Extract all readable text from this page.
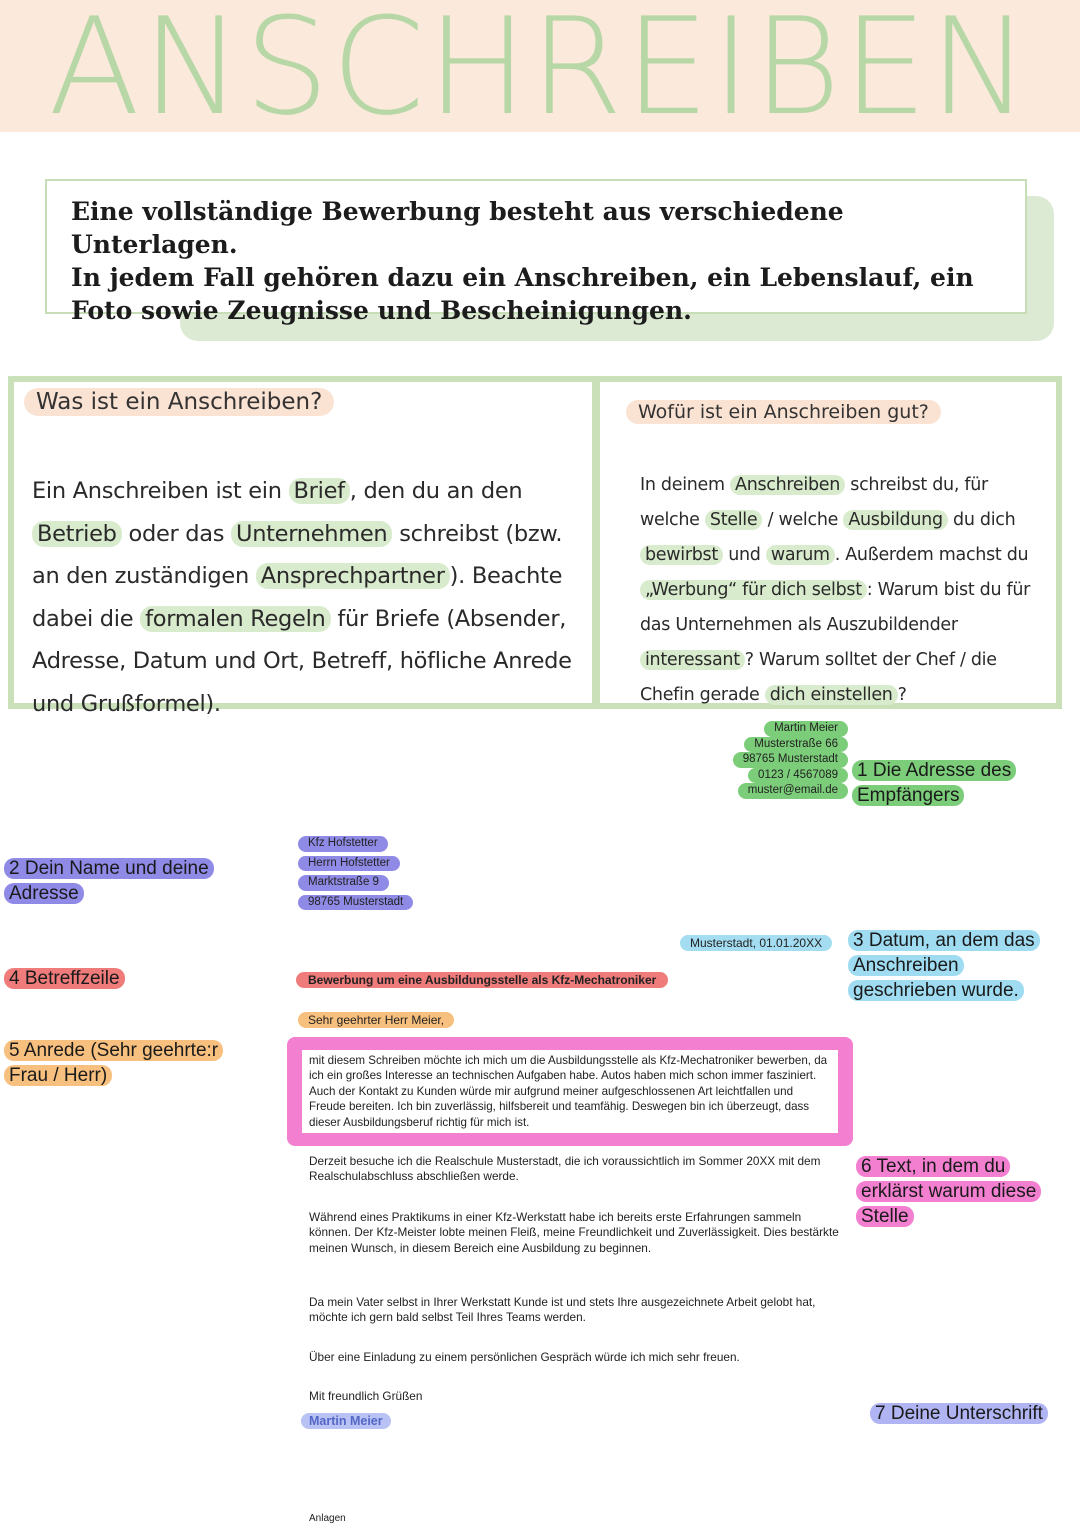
ANSCHREIBEN
Eine vollständige Bewerbung besteht aus verschiedene Unterlagen.
In jedem Fall gehören dazu ein Anschreiben, ein Lebenslauf, ein
Foto sowie Zeugnisse und Bescheinigungen.
Was ist ein Anschreiben?	Wofür ist ein Anschreiben gut?
Ein Anschreiben ist ein Brief , den du an den Betrieb oder das Unternehmen schreibst (bzw. an den zuständigen Ansprechpartner ). Beachte dabei die formalen Regeln für Briefe (Absender, Adresse, Datum und Ort, Betreff, höfliche Anrede und Grußformel).
In deinem Anschreiben schreibst du, für welche Stelle / welche Ausbildung du dich bewirbst und warum . Außerdem machst du „Werbung“ für dich selbst : Warum bist du für das Unternehmen als Auszubildender interessant ? Warum solltet der Chef / die Chefin gerade dich einstellen ?
Martin Meier
Musterstraße 66
98765 Musterstadt
0123 / 4567089
muster@email.de
1 Die Adresse des
Empfängers
2 Dein Name und deine
Adresse
Kfz Hofstetter
Herrn Hofstetter
Marktstraße 9
98765 Musterstadt
Musterstadt, 01.01.20XX	3 Datum, an dem das
Anschreiben
geschrieben wurde.
4 Betreffzeile	Bewerbung um eine Ausbildungsstelle als Kfz-Mechatroniker
Sehr geehrter Herr Meier,
5 Anrede (Sehr geehrte:r
Frau / Herr)
mit diesem Schreiben möchte ich mich um die Ausbildungsstelle als Kfz-Mechatroniker bewerben, da ich ein großes Interesse an technischen Aufgaben habe. Autos haben mich schon immer fasziniert. Auch der Kontakt zu Kunden würde mir aufgrund meiner aufgeschlossenen Art leichtfallen und Freude bereiten. Ich bin zuverlässig, hilfsbereit und teamfähig. Deswegen bin ich überzeugt, dass dieser Ausbildungsberuf richtig für mich ist.
6 Text, in dem du
erklärst warum diese
Stelle
Derzeit besuche ich die Realschule Musterstadt, die ich voraussichtlich im Sommer 20XX mit dem Realschulabschluss abschließen werde.
Während eines Praktikums in einer Kfz-Werkstatt habe ich bereits erste Erfahrungen sammeln können. Der Kfz-Meister lobte meinen Fleiß, meine Freundlichkeit und Zuverlässigkeit. Dies bestärkte meinen Wunsch, in diesem Bereich eine Ausbildung zu beginnen.
Da mein Vater selbst in Ihrer Werkstatt Kunde ist und stets Ihre ausgezeichnete Arbeit gelobt hat, möchte ich gern bald selbst Teil Ihres Teams werden.
Über eine Einladung zu einem persönlichen Gespräch würde ich mich sehr freuen.
Mit freundlich Grüßen
Martin Meier	7 Deine Unterschrift
Anlagen
